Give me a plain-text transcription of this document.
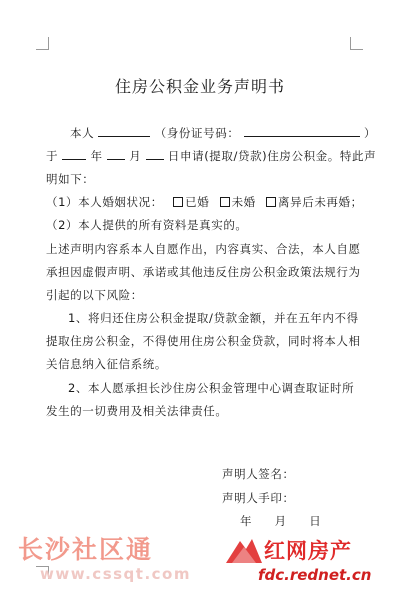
住房公积金业务声明书
本人	（身份证号码：	）
于	年 月 日申请(提取/贷款)住房公积金。特此声
明如下：
（1）本人婚姻状况： 已婚 未婚 离异后未再婚；
（2）本人提供的所有资料是真实的。
上述声明内容系本人自愿作出，内容真实、合法，本人自愿
承担因虚假声明、承诺或其他违反住房公积金政策法规行为
引起的以下风险：
1、将归还住房公积金提取/贷款金额，并在五年内不得
提取住房公积金，不得使用住房公积金贷款，同时将本人相
关信息纳入征信系统。
2、本人愿承担长沙住房公积金管理中心调查取证时所
发生的一切费用及相关法律责任。
声明人签名：
声明人手印：
年 月 日
长沙社区通
www.cssqt.com
红网房产
fdc.rednet.cn
